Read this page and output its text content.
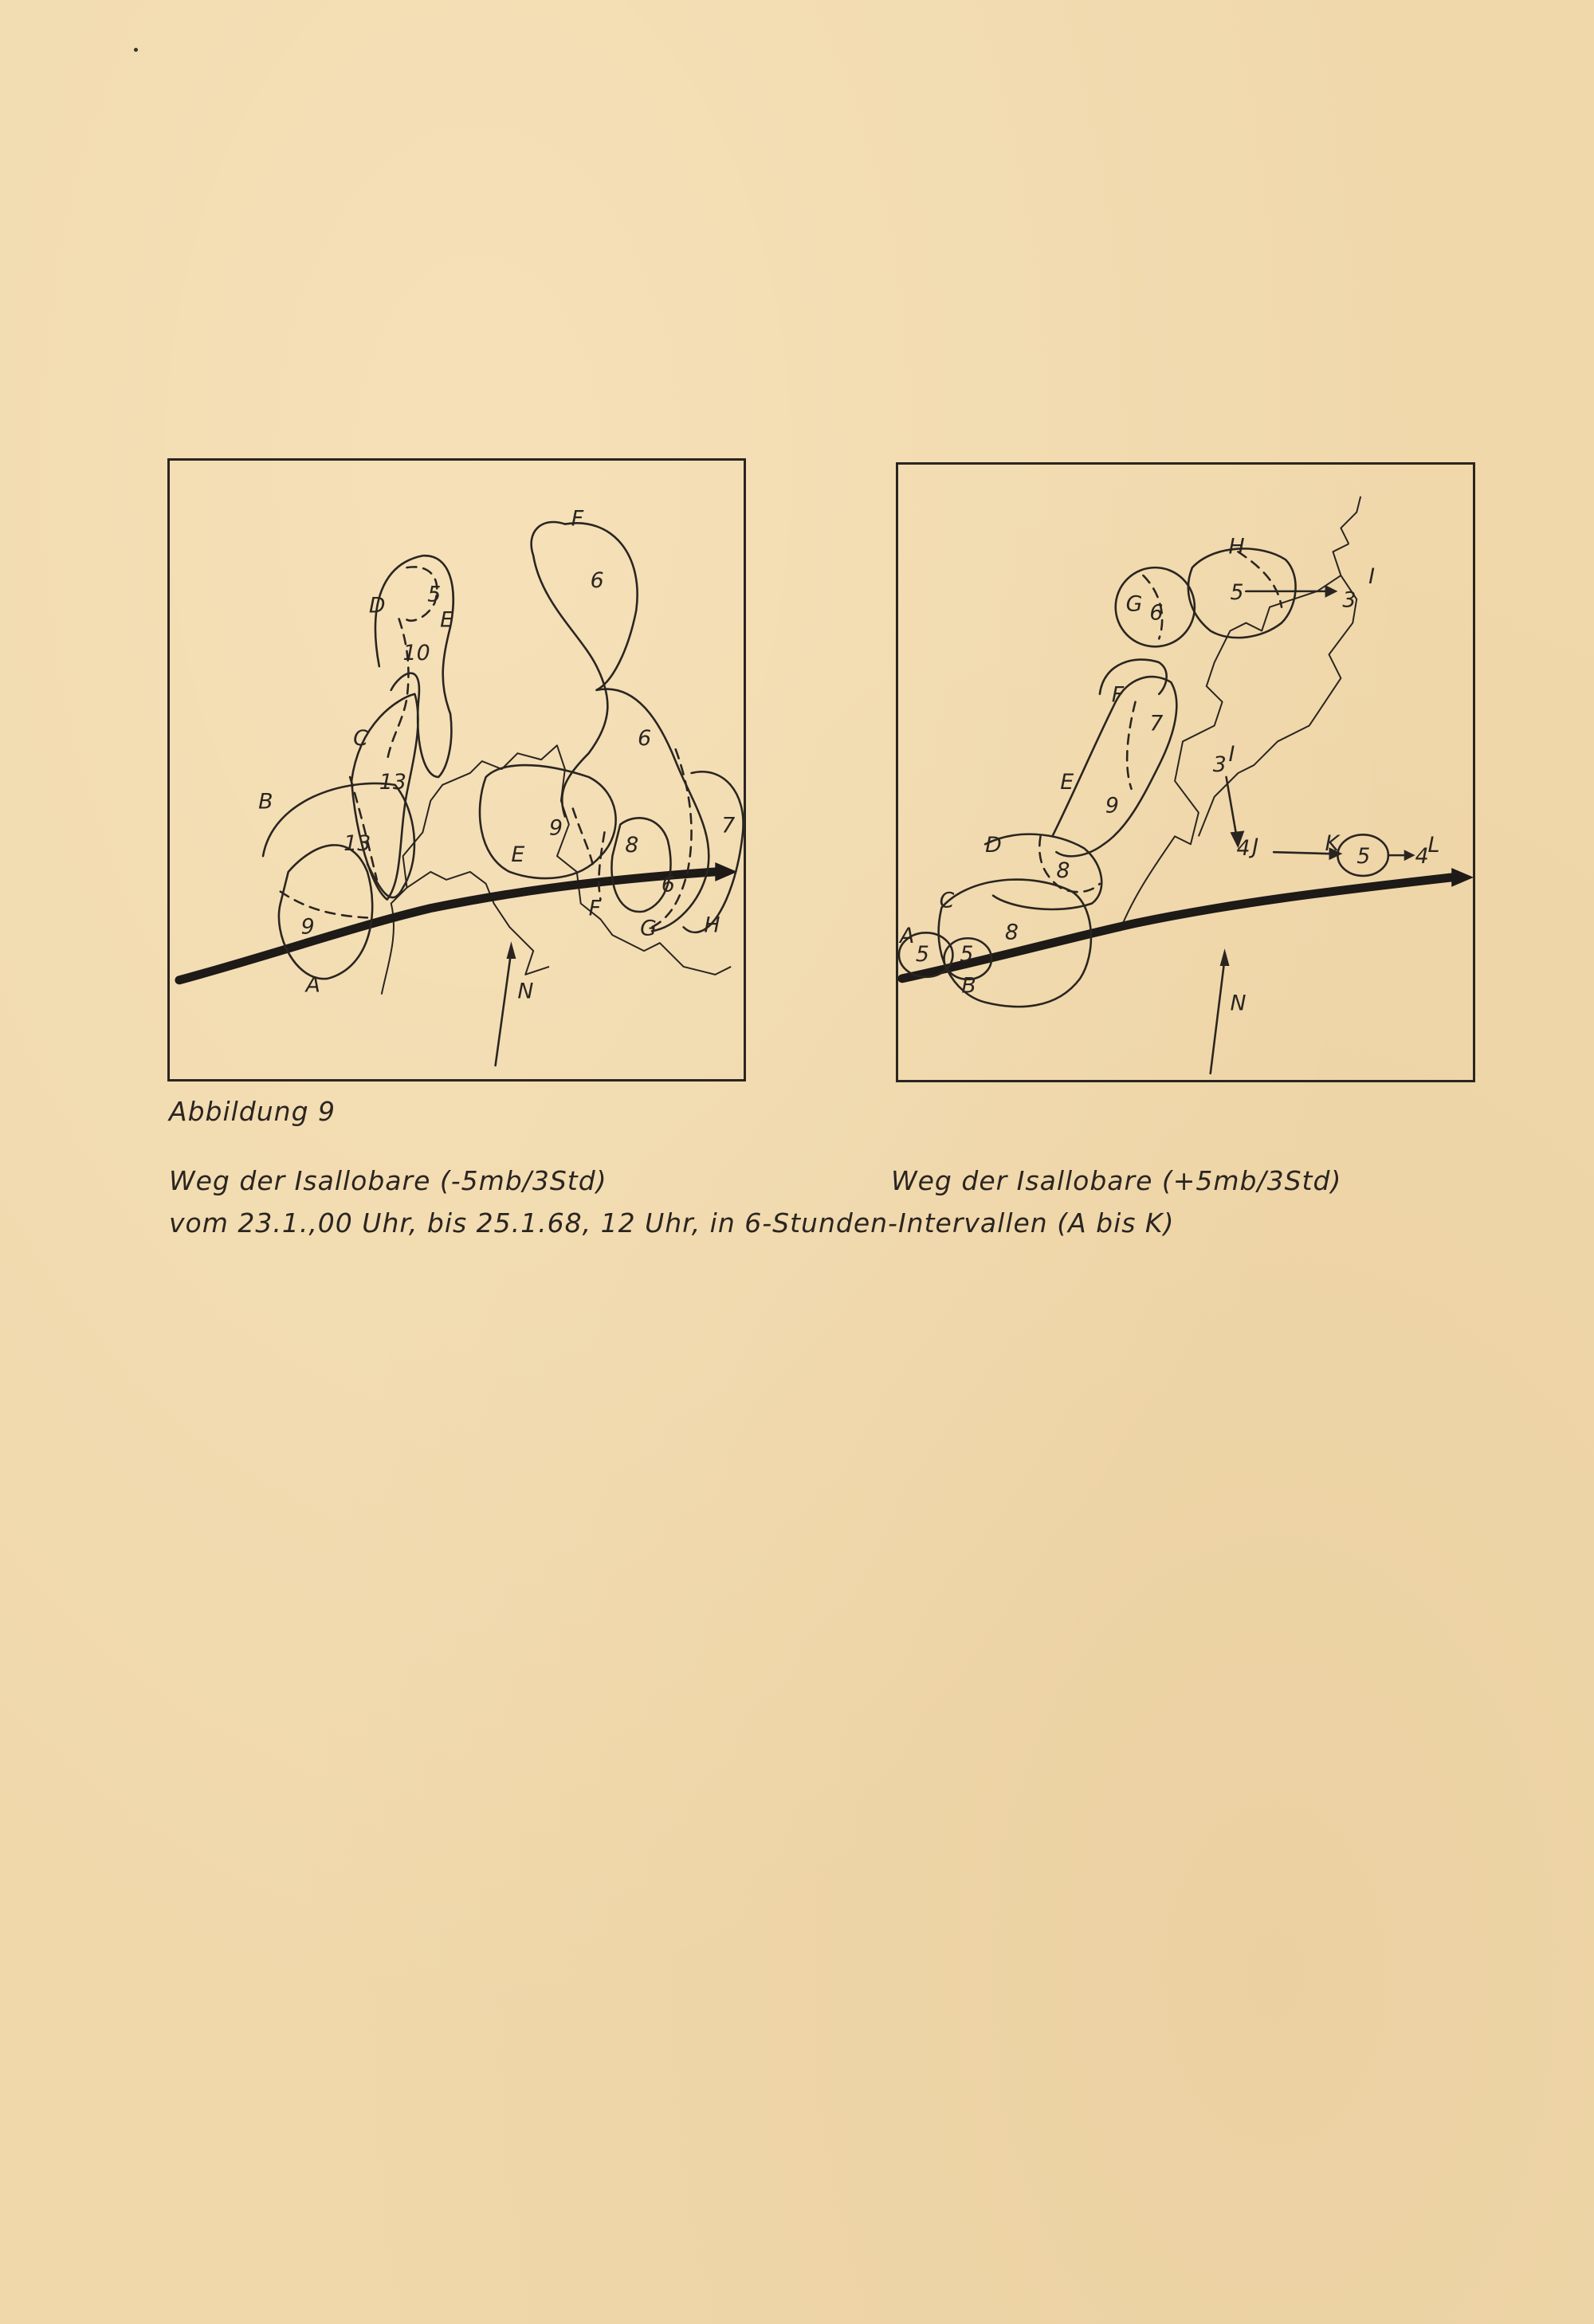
N
A
B
C
D
E
E
F
F
G H
9
13
13
10
5
6
6
9
8
6
7
N
A
B
C
D
E
F
G
H
I
I
J	K	L
5 5
8
8
9
7
6
5	3
3
4	5 4
Abbildung 9
Weg der Isallobare (-5mb/3Std)	Weg der Isallobare (+5mb/3Std)
vom 23.1.,00 Uhr, bis 25.1.68, 12 Uhr, in 6-Stunden-Intervallen (A bis K)
